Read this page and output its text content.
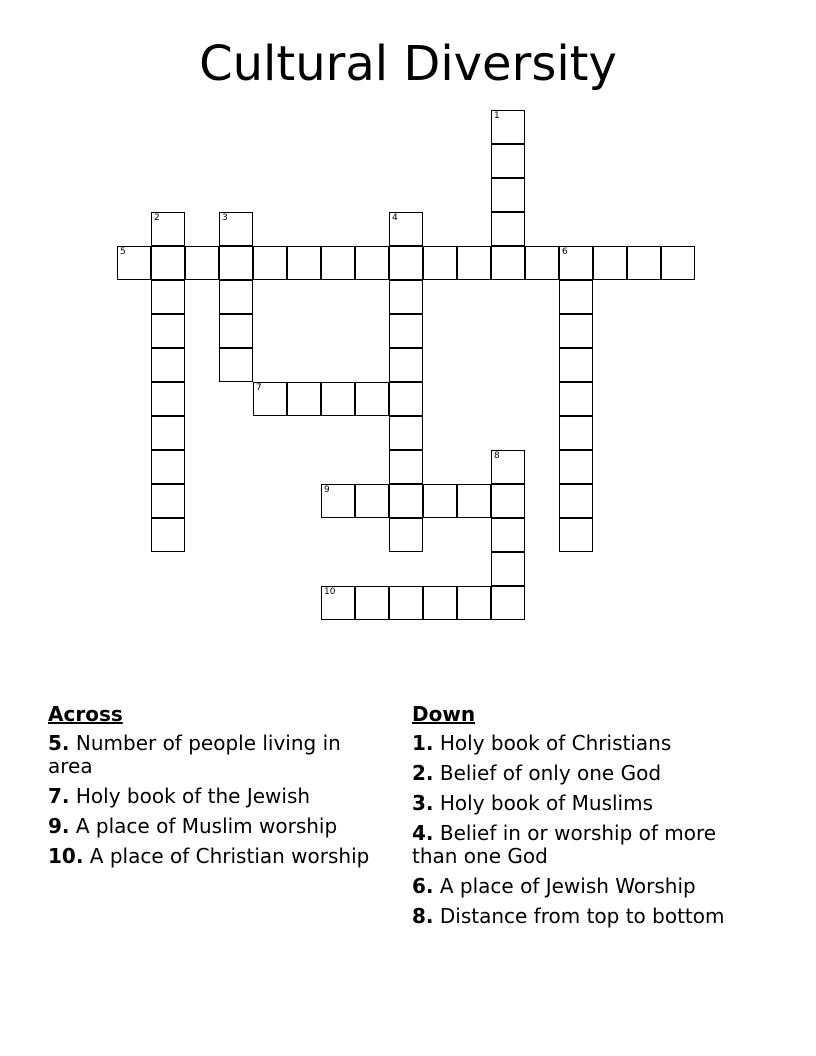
Cultural Diversity
1
2	3	4
5	6
7
8
9
10
Across
5. Number of people living in area
7. Holy book of the Jewish
9. A place of Muslim worship
10. A place of Christian worship
Down
1. Holy book of Christians
2. Belief of only one God
3. Holy book of Muslims
4. Belief in or worship of more than one God
6. A place of Jewish Worship
8. Distance from top to bottom
